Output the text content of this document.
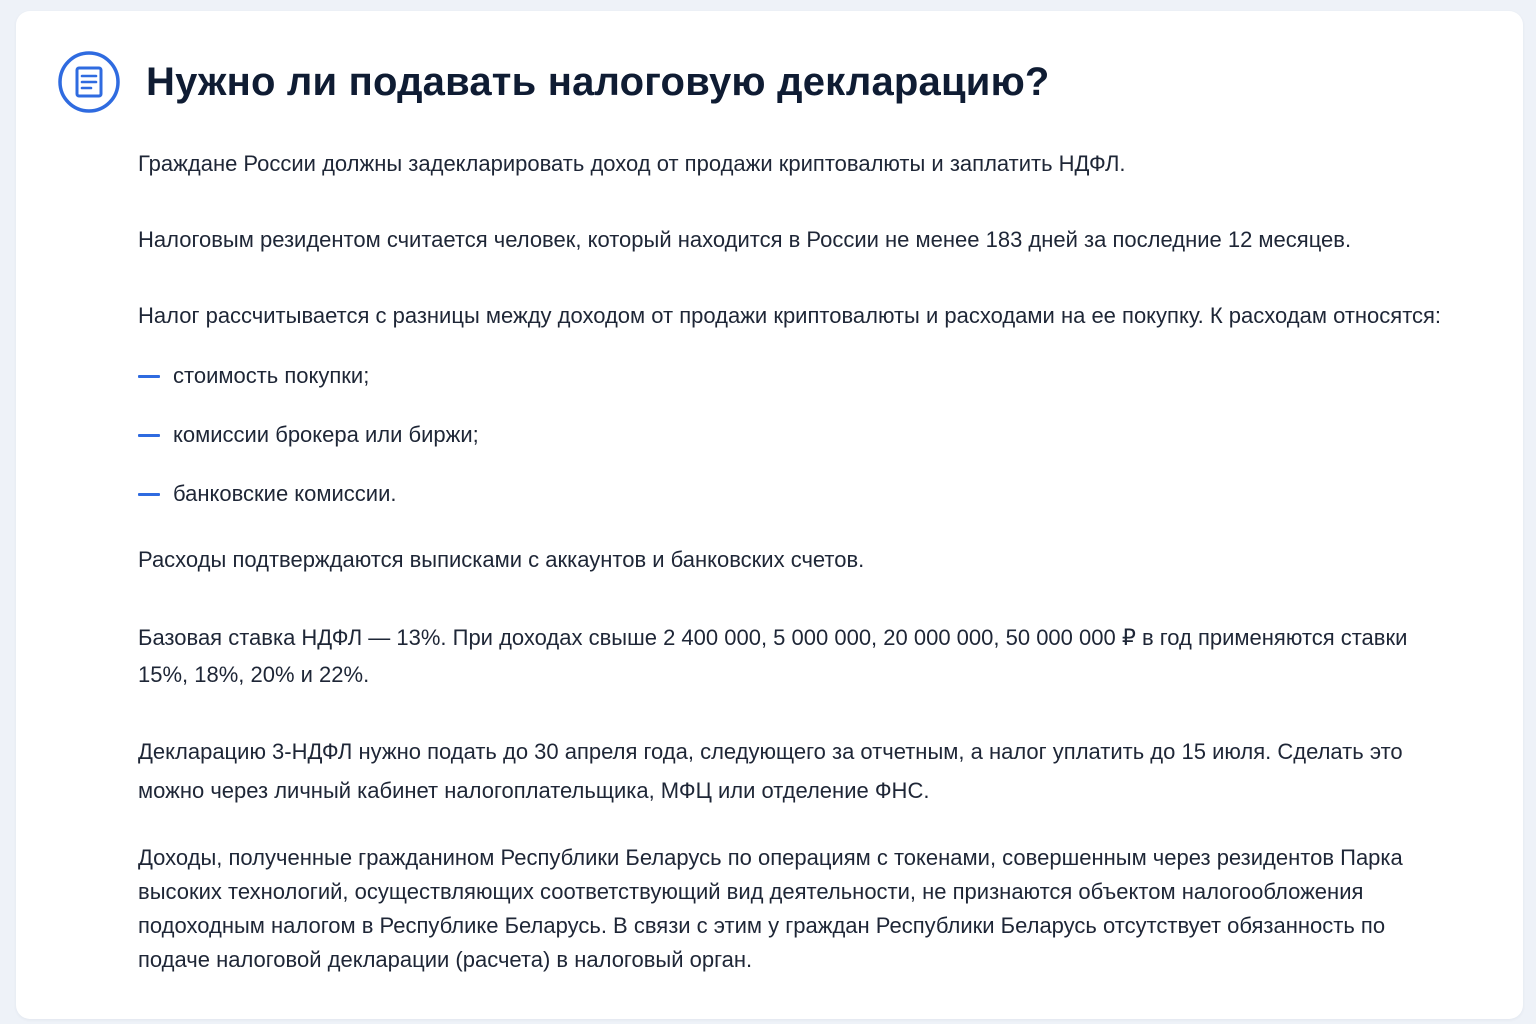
Нужно ли подавать налоговую декларацию?

Граждане России должны задекларировать доход от продажи криптовалюты и заплатить НДФЛ.

Налоговым резидентом считается человек, который находится в России не менее 183 дней за последние 12 месяцев.

Налог рассчитывается с разницы между доходом от продажи криптовалюты и расходами на ее покупку. К расходам относятся:

стоимость покупки;
комиссии брокера или биржи;
банковские комиссии.

Расходы подтверждаются выписками с аккаунтов и банковских счетов.

Базовая ставка НДФЛ — 13%. При доходах свыше 2 400 000, 5 000 000, 20 000 000, 50 000 000 ₽ в год применяются ставки

15%, 18%, 20% и 22%.

Декларацию 3-НДФЛ нужно подать до 30 апреля года, следующего за отчетным, а налог уплатить до 15 июля. Сделать это

можно через личный кабинет налогоплательщика, МФЦ или отделение ФНС.

Доходы, полученные гражданином Республики Беларусь по операциям с токенами, совершенным через резидентов Парка

высоких технологий, осуществляющих соответствующий вид деятельности, не признаются объектом налогообложения

подоходным налогом в Республике Беларусь. В связи с этим у граждан Республики Беларусь отсутствует обязанность по

подаче налоговой декларации (расчета) в налоговый орган.
